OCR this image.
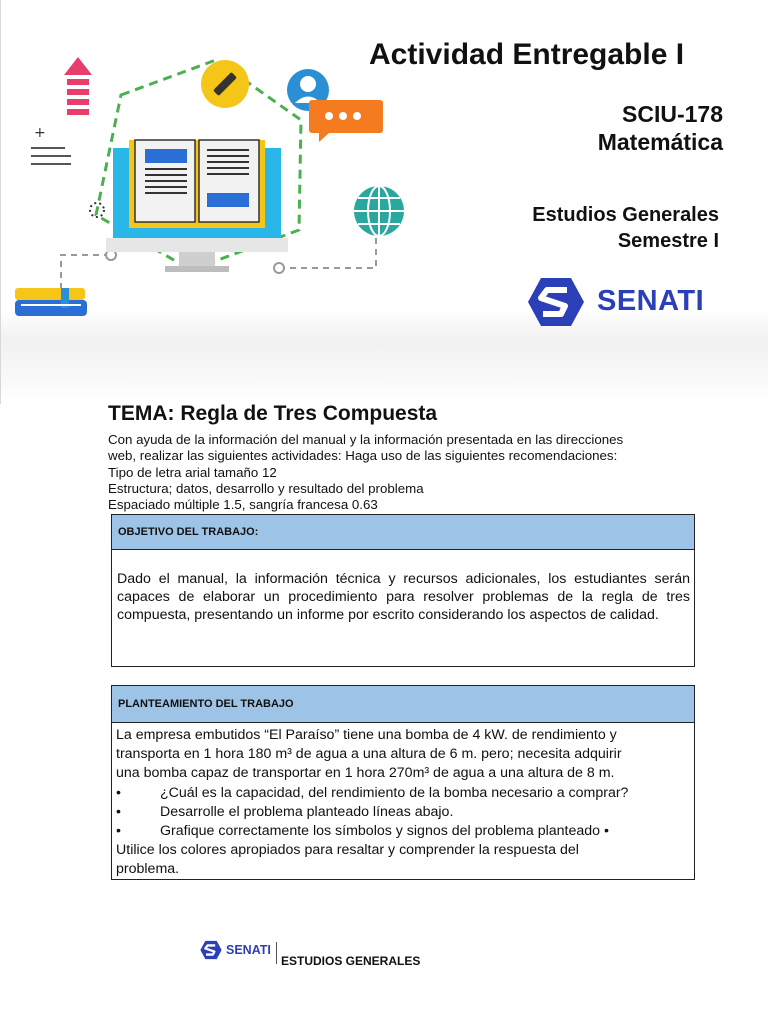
+
Actividad Entregable I
SCIU-178
Matemática
Estudios Generales
Semestre I
SENATI
TEMA: Regla de Tres Compuesta
Con ayuda de la información del manual y la información presentada en las direcciones
web, realizar las siguientes actividades: Haga uso de las siguientes recomendaciones:
Tipo de letra arial tamaño 12
Estructura; datos, desarrollo y resultado del problema
Espaciado múltiple 1.5, sangría francesa 0.63
OBJETIVO DEL TRABAJO:
Dado el manual, la información técnica y recursos adicionales, los estudiantes serán capaces de elaborar un procedimiento para resolver problemas de la regla de tres compuesta, presentando un informe por escrito considerando los aspectos de calidad.
PLANTEAMIENTO DEL TRABAJO
La empresa embutidos “El Paraíso” tiene una bomba de 4 kW. de rendimiento y
transporta en 1 hora 180 m³ de agua a una altura de 6 m. pero; necesita adquirir
una bomba capaz de transportar en 1 hora 270m³ de agua a una altura de 8 m.
•	¿Cuál es la capacidad, del rendimiento de la bomba necesario a comprar?
•	Desarrolle el problema planteado líneas abajo.
•	Grafique correctamente los símbolos y signos del problema planteado •
Utilice los colores apropiados para resaltar y comprender la respuesta del
problema.
SENATI
ESTUDIOS GENERALES
